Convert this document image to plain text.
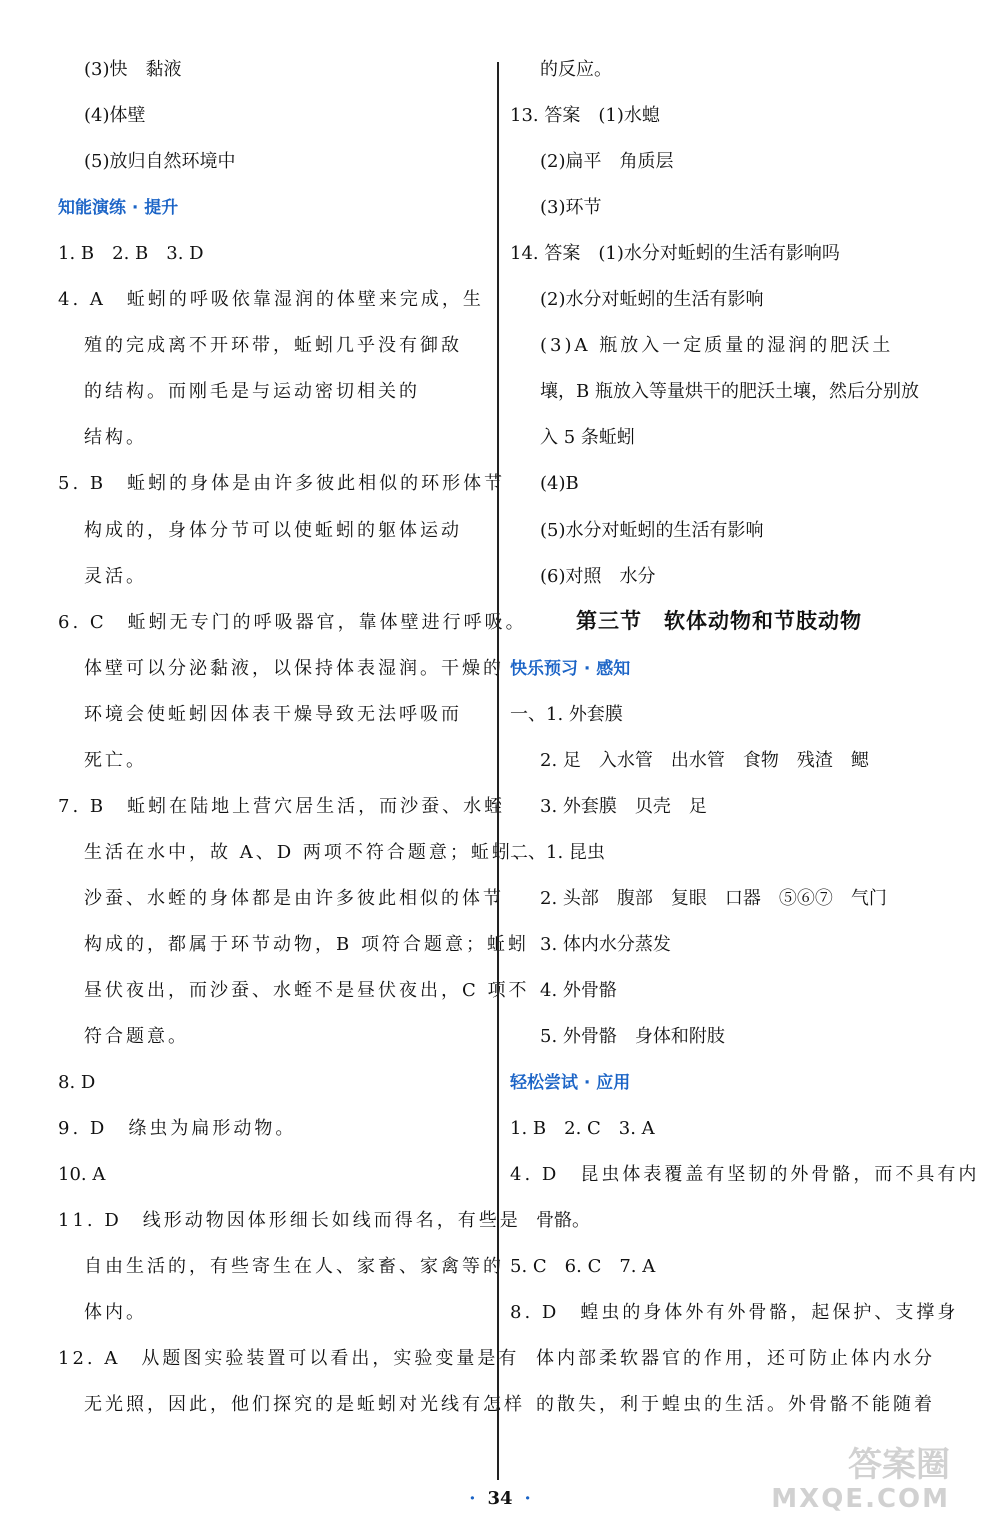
(3)快　黏液
(4)体壁
(5)放归自然环境中
知能演练 · 提升
1. B　2. B　3. D
4. A　蚯蚓的呼吸依靠湿润的体壁来完成，生
殖的完成离不开环带，蚯蚓几乎没有御敌
的结构。而刚毛是与运动密切相关的
结构。
5. B　蚯蚓的身体是由许多彼此相似的环形体节
构成的，身体分节可以使蚯蚓的躯体运动
灵活。
6. C　蚯蚓无专门的呼吸器官，靠体壁进行呼吸。
体壁可以分泌黏液，以保持体表湿润。干燥的
环境会使蚯蚓因体表干燥导致无法呼吸而
死亡。
7. B　蚯蚓在陆地上营穴居生活，而沙蚕、水蛭
生活在水中，故 A、D 两项不符合题意；蚯蚓、
沙蚕、水蛭的身体都是由许多彼此相似的体节
构成的，都属于环节动物，B 项符合题意；蚯蚓
昼伏夜出，而沙蚕、水蛭不是昼伏夜出，C 项不
符合题意。
8. D
9. D　绦虫为扁形动物。
10. A
11. D　线形动物因体形细长如线而得名，有些是
自由生活的，有些寄生在人、家畜、家禽等的
体内。
12. A　从题图实验装置可以看出，实验变量是有
无光照，因此，他们探究的是蚯蚓对光线有怎样
的反应。
13. 答案　(1)水螅
(2)扁平　角质层
(3)环节
14. 答案　(1)水分对蚯蚓的生活有影响吗
(2)水分对蚯蚓的生活有影响
(3)A 瓶放入一定质量的湿润的肥沃土
壤，B 瓶放入等量烘干的肥沃土壤，然后分别放
入 5 条蚯蚓
(4)B
(5)水分对蚯蚓的生活有影响
(6)对照　水分
第三节　软体动物和节肢动物
快乐预习 · 感知
一、1. 外套膜
2. 足　入水管　出水管　食物　残渣　鳃
3. 外套膜　贝壳　足
二、1. 昆虫
2. 头部　腹部　复眼　口器　⑤⑥⑦　气门
3. 体内水分蒸发
4. 外骨骼
5. 外骨骼　身体和附肢
轻松尝试 · 应用
1. B　2. C　3. A
4. D　昆虫体表覆盖有坚韧的外骨骼，而不具有内
骨骼。
5. C　6. C　7. A
8. D　蝗虫的身体外有外骨骼，起保护、支撑身
体内部柔软器官的作用，还可防止体内水分
的散失，利于蝗虫的生活。外骨骼不能随着
· 34 ·
答案圈
MXQE.COM
